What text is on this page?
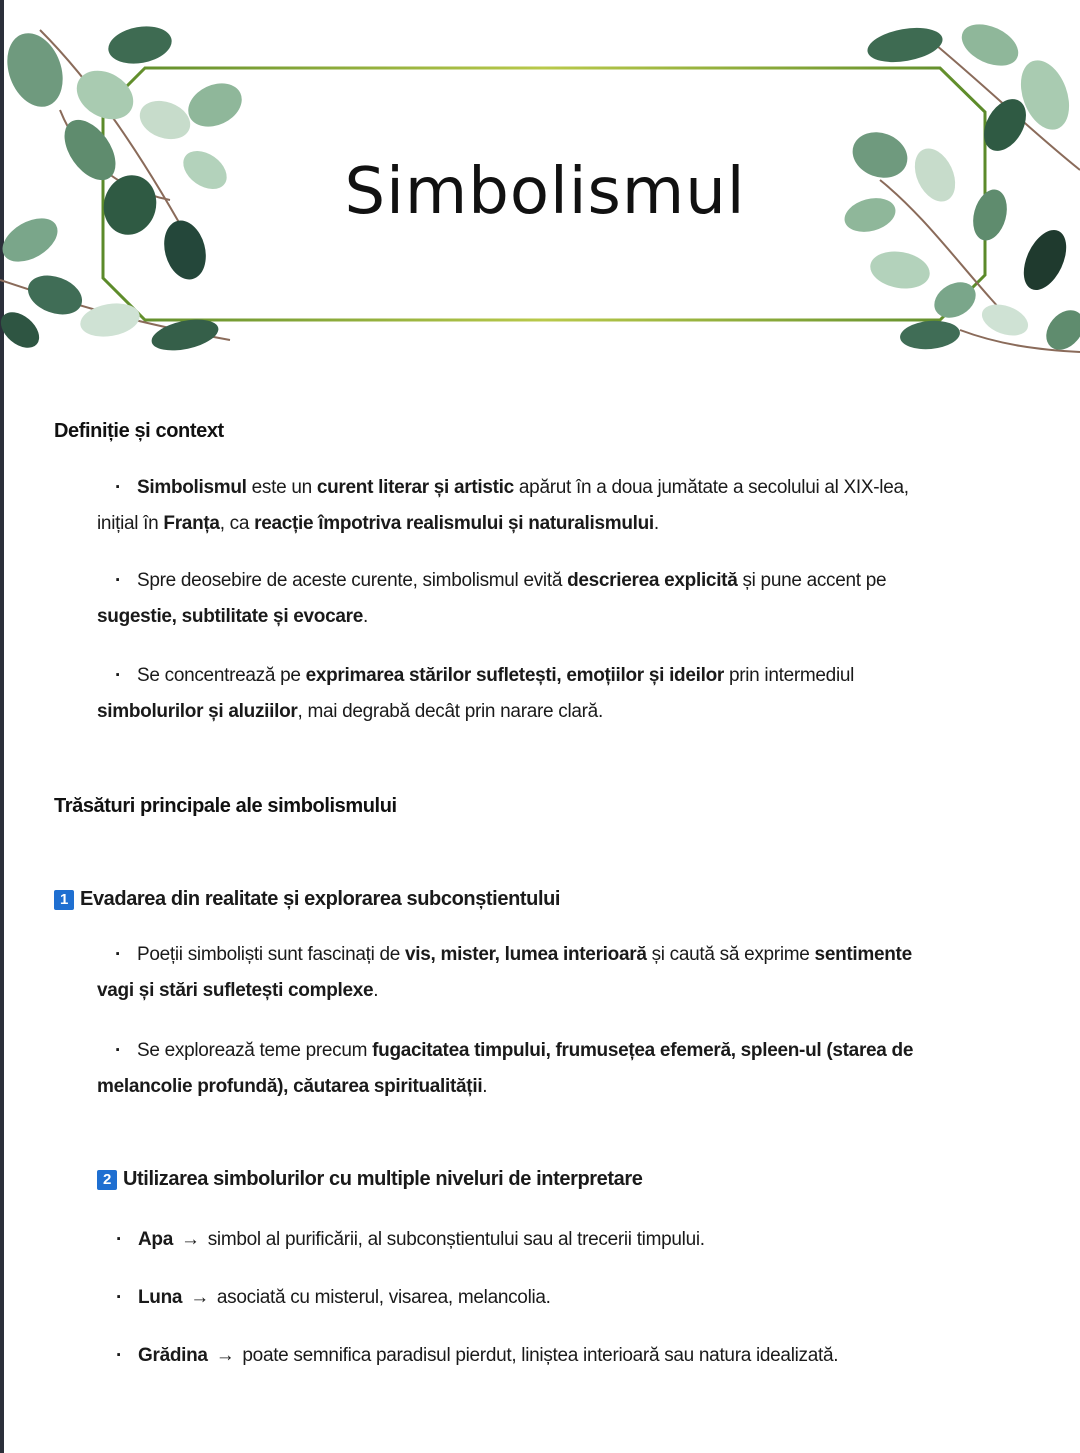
Simbolismul
Definiție și context

· Simbolismul este un curent literar și artistic apărut în a doua jumătate a secolului al XIX-lea,
inițial în Franța, ca reacție împotriva realismului și naturalismului.

· Spre deosebire de aceste curente, simbolismul evită descrierea explicită și pune accent pe
sugestie, subtilitate și evocare.

· Se concentrează pe exprimarea stărilor sufletești, emoțiilor și ideilor prin intermediul
simbolurilor și aluziilor, mai degrabă decât prin narare clară.

Trăsături principale ale simbolismului
1 Evadarea din realitate și explorarea subconștientului

· Poeții simboliști sunt fascinați de vis, mister, lumea interioară și caută să exprime sentimente
vagi și stări sufletești complexe.

· Se explorează teme precum fugacitatea timpului, frumusețea efemeră, spleen-ul (starea de
melancolie profundă), căutarea spiritualității.

2 Utilizarea simbolurilor cu multiple niveluri de interpretare

· Apa → simbol al purificării, al subconștientului sau al trecerii timpului.

· Luna → asociată cu misterul, visarea, melancolia.

· Grădina → poate semnifica paradisul pierdut, liniștea interioară sau natura idealizată.
